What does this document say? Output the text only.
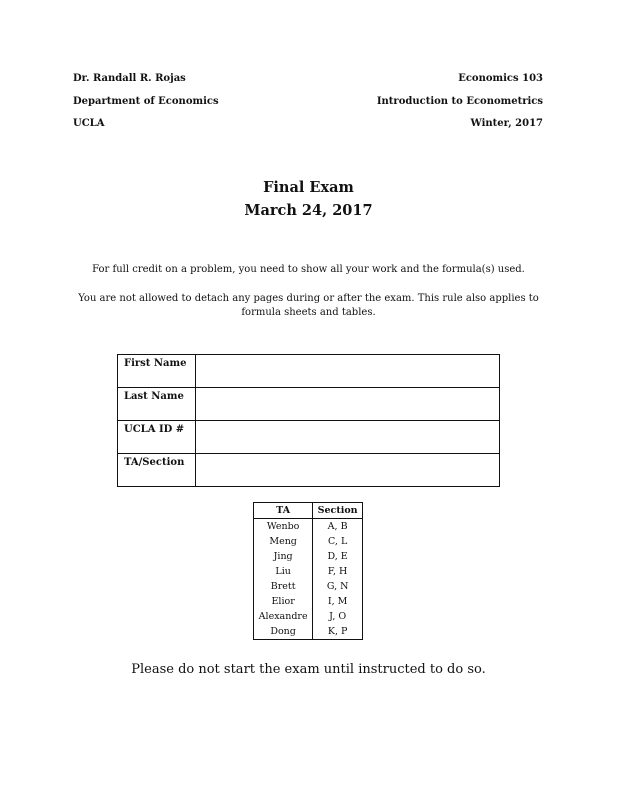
Dr. Randall R. Rojas
Department of Economics
UCLA
Economics 103
Introduction to Econometrics
Winter, 2017
Final Exam
March 24, 2017
For full credit on a problem, you need to show all your work and the formula(s) used.
You are not allowed to detach any pages during or after the exam. This rule also applies to formula sheets and tables.
First Name	
Last Name	
UCLA ID #	
TA/Section	
TA	Section
Wenbo	A, B
Meng	C, L
Jing	D, E
Liu	F, H
Brett	G, N
Elior	I, M
Alexandre	J, O
Dong	K, P
Please do not start the exam until instructed to do so.
